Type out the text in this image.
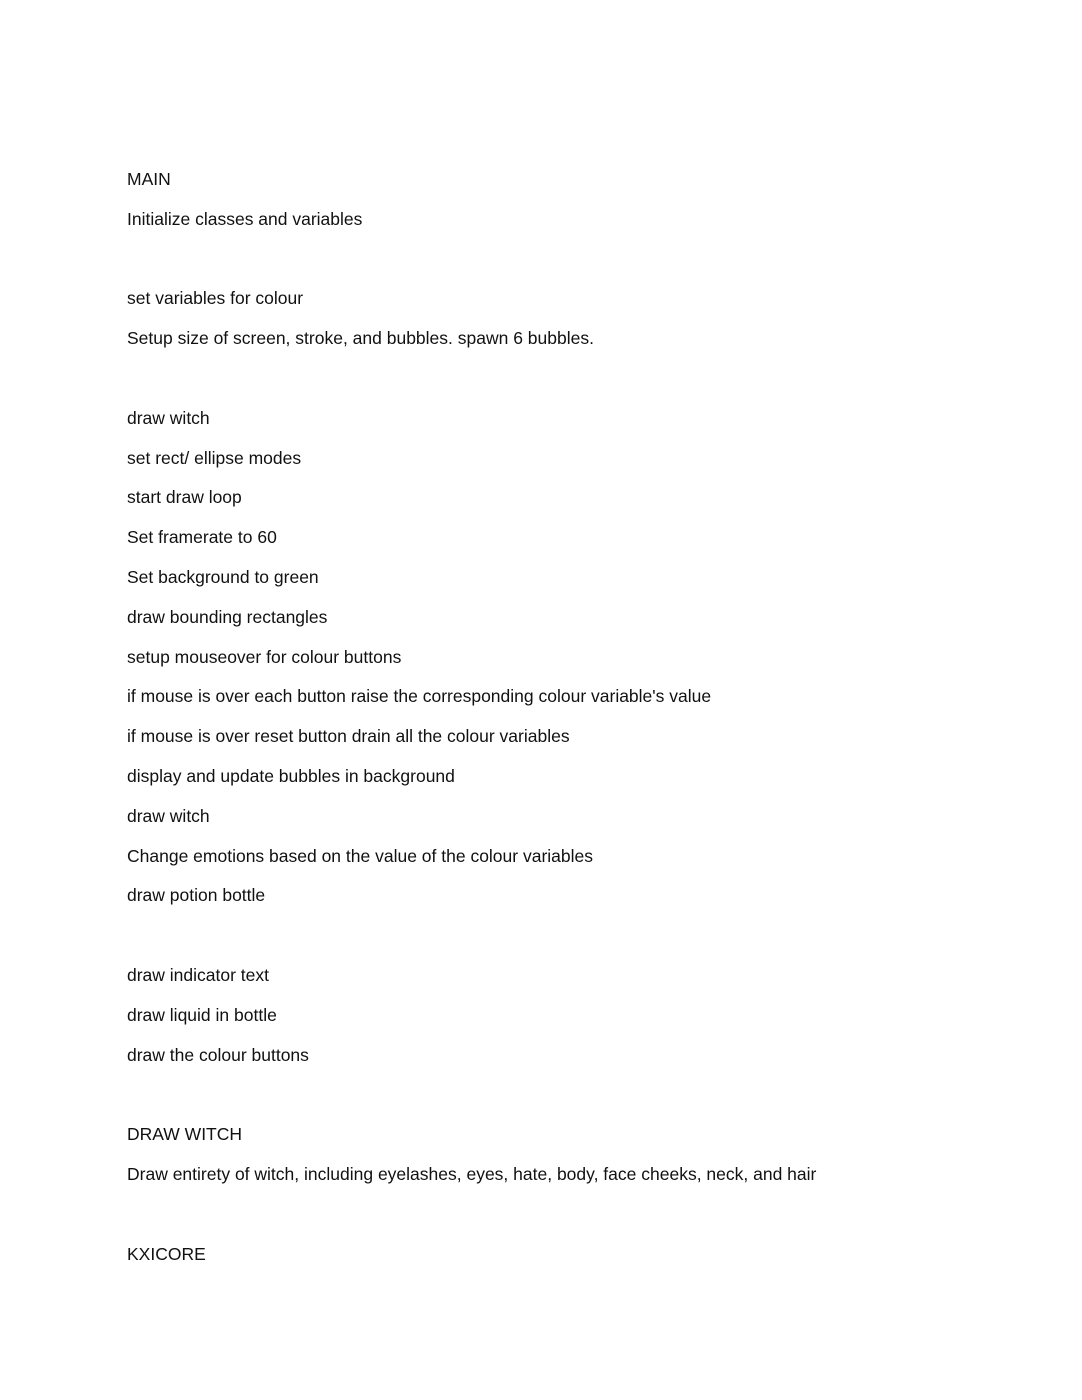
MAIN
Initialize classes and variables
set variables for colour
Setup size of screen, stroke, and bubbles. spawn 6 bubbles.
draw witch
set rect/ ellipse modes
start draw loop
Set framerate to 60
Set background to green
draw bounding rectangles
setup mouseover for colour buttons
if mouse is over each button raise the corresponding colour variable's value
if mouse is over reset button drain all the colour variables
display and update bubbles in background
draw witch
Change emotions based on the value of the colour variables
draw potion bottle
draw indicator text
draw liquid in bottle
draw the colour buttons
DRAW WITCH
Draw entirety of witch, including eyelashes, eyes, hate, body, face cheeks, neck, and hair
KXICORE
